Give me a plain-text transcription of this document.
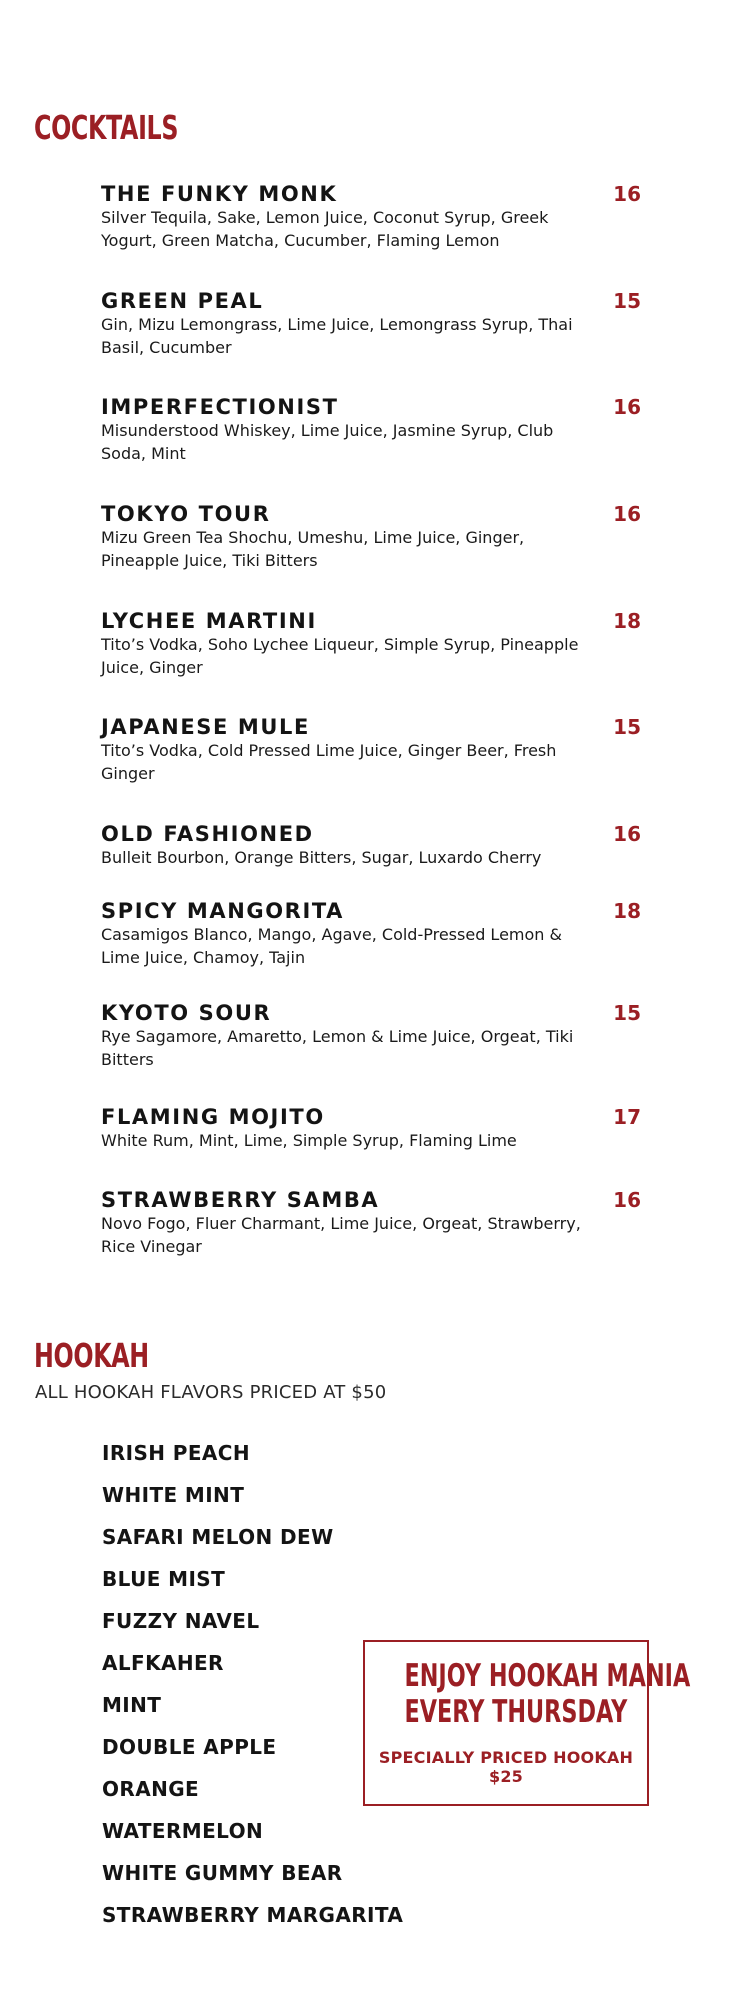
COCKTAILS
THE FUNKY MONK	16
Silver Tequila, Sake, Lemon Juice, Coconut Syrup, Greek Yogurt, Green Matcha, Cucumber, Flaming Lemon
GREEN PEAL	15
Gin, Mizu Lemongrass, Lime Juice, Lemongrass Syrup, Thai Basil, Cucumber
IMPERFECTIONIST	16
Misunderstood Whiskey, Lime Juice, Jasmine Syrup, Club Soda, Mint
TOKYO TOUR	16
Mizu Green Tea Shochu, Umeshu, Lime Juice, Ginger, Pineapple Juice, Tiki Bitters
LYCHEE MARTINI	18
Tito’s Vodka, Soho Lychee Liqueur, Simple Syrup, Pineapple Juice, Ginger
JAPANESE MULE	15
Tito’s Vodka, Cold Pressed Lime Juice, Ginger Beer, Fresh Ginger
OLD FASHIONED	16
Bulleit Bourbon, Orange Bitters, Sugar, Luxardo Cherry
SPICY MANGORITA	18
Casamigos Blanco, Mango, Agave, Cold-Pressed Lemon & Lime Juice, Chamoy, Tajin
KYOTO SOUR	15
Rye Sagamore, Amaretto, Lemon & Lime Juice, Orgeat, Tiki Bitters
FLAMING MOJITO	17
White Rum, Mint, Lime, Simple Syrup, Flaming Lime
STRAWBERRY SAMBA	16
Novo Fogo, Fluer Charmant, Lime Juice, Orgeat, Strawberry, Rice Vinegar
HOOKAH
ALL HOOKAH FLAVORS PRICED AT $50
IRISH PEACH
WHITE MINT
SAFARI MELON DEW
BLUE MIST
FUZZY NAVEL
ALFKAHER
MINT
DOUBLE APPLE
ORANGE
WATERMELON
WHITE GUMMY BEAR
STRAWBERRY MARGARITA
ENJOY HOOKAH MANIA
EVERY THURSDAY
SPECIALLY PRICED HOOKAH
$25
